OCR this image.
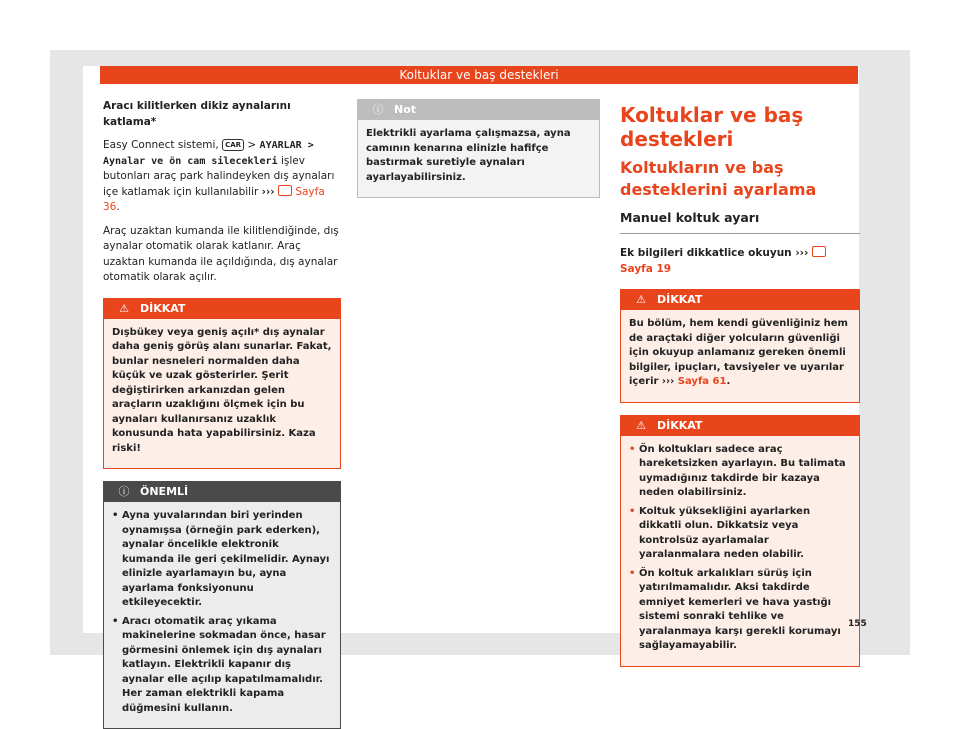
Koltuklar ve baş destekleri

Aracı kilitlerken dikiz aynalarını katlama*

Easy Connect sistemi, CAR > AYARLAR > Aynalar ve ön cam silecekleri işlev butonları araç park halindeyken dış aynaları içe katlamak için kullanılabilir ›››  Sayfa 36.

Araç uzaktan kumanda ile kilitlendiğinde, dış aynalar otomatik olarak katlanır. Araç uzaktan kumanda ile açıldığında, dış aynalar otomatik olarak açılır.

⚠ DİKKAT

Dışbükey veya geniş açılı* dış aynalar daha geniş görüş alanı sunarlar. Fakat, bunlar nesneleri normalden daha küçük ve uzak gösterirler. Şerit değiştirirken arkanızdan gelen araçların uzaklığını ölçmek için bu aynaları kullanırsanız uzaklık konusunda hata yapabilirsiniz. Kaza riski!

ⓘ ÖNEMLİ

• Ayna yuvalarından biri yerinden oynamışsa (örneğin park ederken), aynalar öncelikle elektronik kumanda ile geri çekilmelidir. Aynayı elinizle ayarlamayın bu, ayna ayarlama fonksiyonunu etkileyecektir.

• Aracı otomatik araç yıkama makinelerine sokmadan önce, hasar görmesini önlemek için dış aynaları katlayın. Elektrikli kapanır dış aynalar elle açılıp kapatılmamalıdır. Her zaman elektrikli kapama düğmesini kullanın.

ⓘ Not

Elektrikli ayarlama çalışmazsa, ayna camının kenarına elinizle hafifçe bastırmak suretiyle aynaları ayarlayabilirsiniz.

Koltuklar ve baş destekleri
Koltukların ve baş desteklerini ayarlama
Manuel koltuk ayarı

Ek bilgileri dikkatlice okuyun ›››  Sayfa 19

⚠ DİKKAT

Bu bölüm, hem kendi güvenliğiniz hem de araçtaki diğer yolcuların güvenliği için okuyup anlamanız gereken önemli bilgiler, ipuçları, tavsiyeler ve uyarılar içerir ››› Sayfa 61.

⚠ DİKKAT

• Ön koltukları sadece araç hareketsizken ayarlayın. Bu talimata uymadığınız takdirde bir kazaya neden olabilirsiniz.

• Koltuk yüksekliğini ayarlarken dikkatli olun. Dikkatsiz veya kontrolsüz ayarlamalar yaralanmalara neden olabilir.

• Ön koltuk arkalıkları sürüş için yatırılmamalıdır. Aksi takdirde emniyet kemerleri ve hava yastığı sistemi sonraki tehlike ve yaralanmaya karşı gerekli korumayı sağlayamayabilir.

155
